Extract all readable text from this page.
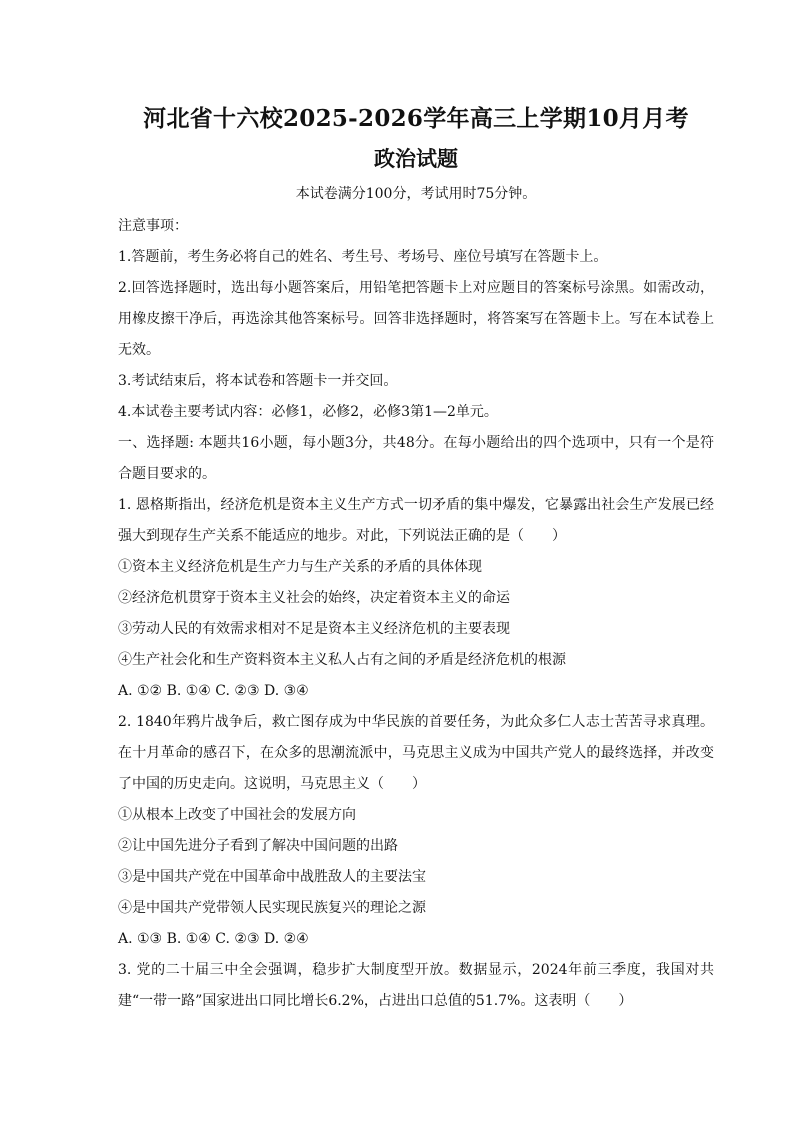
河北省十六校2025-2026学年高三上学期10月月考
政治试题
本试卷满分100分，考试用时75分钟。

注意事项：

1.答题前，考生务必将自己的姓名、考生号、考场号、座位号填写在答题卡上。

2.回答选择题时，选出每小题答案后，用铅笔把答题卡上对应题目的答案标号涂黑。如需改动，用橡皮擦干净后，再选涂其他答案标号。回答非选择题时，将答案写在答题卡上。写在本试卷上无效。

3.考试结束后，将本试卷和答题卡一并交回。

4.本试卷主要考试内容：必修1，必修2，必修3第1—2单元。

一、选择题: 本题共16小题，每小题3分，共48分。在每小题给出的四个选项中，只有一个是符合题目要求的。

1. 恩格斯指出，经济危机是资本主义生产方式一切矛盾的集中爆发，它暴露出社会生产发展已经强大到现存生产关系不能适应的地步。对此，下列说法正确的是（　　）

①资本主义经济危机是生产力与生产关系的矛盾的具体体现

②经济危机贯穿于资本主义社会的始终，决定着资本主义的命运

③劳动人民的有效需求相对不足是资本主义经济危机的主要表现

④生产社会化和生产资料资本主义私人占有之间的矛盾是经济危机的根源

A. ①② B. ①④ C. ②③ D. ③④

2. 1840年鸦片战争后，救亡图存成为中华民族的首要任务，为此众多仁人志士苦苦寻求真理。在十月革命的感召下，在众多的思潮流派中，马克思主义成为中国共产党人的最终选择，并改变了中国的历史走向。这说明，马克思主义（　　）

①从根本上改变了中国社会的发展方向

②让中国先进分子看到了解决中国问题的出路

③是中国共产党在中国革命中战胜敌人的主要法宝

④是中国共产党带领人民实现民族复兴的理论之源

A. ①③ B. ①④ C. ②③ D. ②④

3. 党的二十届三中全会强调，稳步扩大制度型开放。数据显示，2024年前三季度，我国对共建“一带一路”国家进出口同比增长6.2%，占进出口总值的51.7%。这表明（　　）
